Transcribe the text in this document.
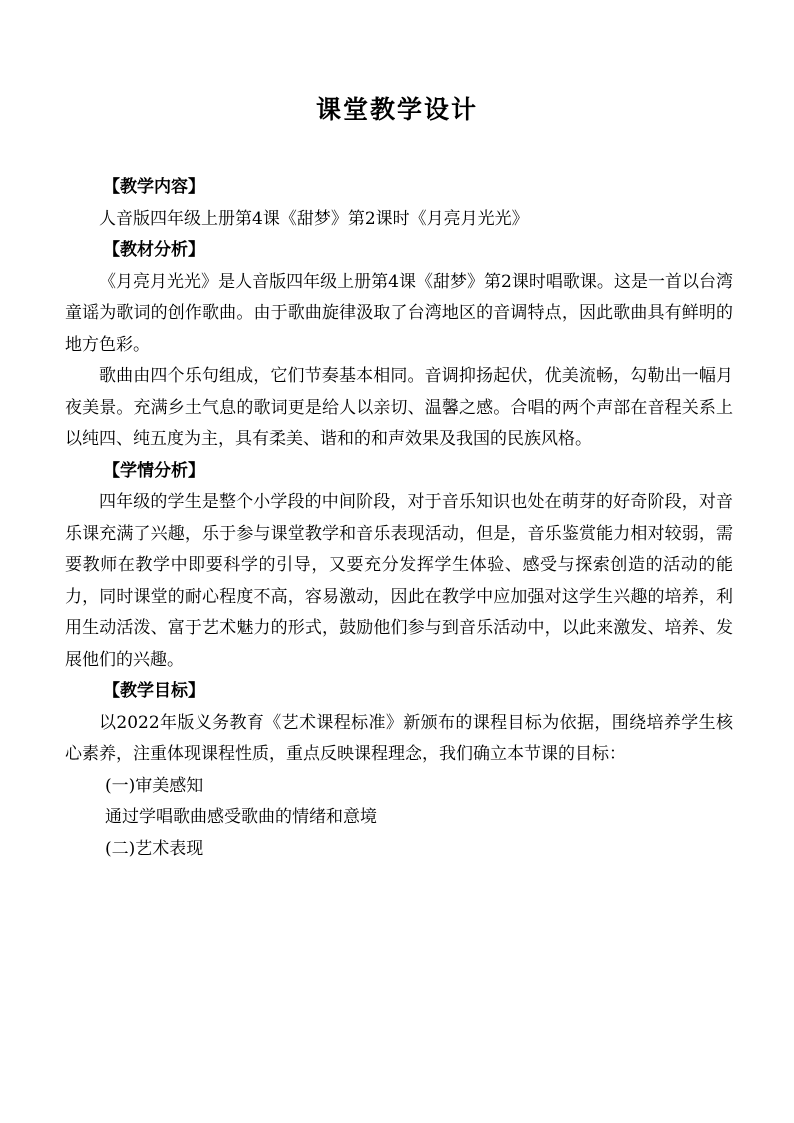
课堂教学设计

【教学内容】

人音版四年级上册第4课《甜梦》第2课时《月亮月光光》

【教材分析】

《月亮月光光》是人音版四年级上册第4课《甜梦》第2课时唱歌课。这是一首以台湾童谣为歌词的创作歌曲。由于歌曲旋律汲取了台湾地区的音调特点，因此歌曲具有鲜明的地方色彩。

歌曲由四个乐句组成，它们节奏基本相同。音调抑扬起伏，优美流畅，勾勒出一幅月夜美景。充满乡土气息的歌词更是给人以亲切、温馨之感。合唱的两个声部在音程关系上以纯四、纯五度为主，具有柔美、谐和的和声效果及我国的民族风格。

【学情分析】

四年级的学生是整个小学段的中间阶段，对于音乐知识也处在萌芽的好奇阶段，对音乐课充满了兴趣，乐于参与课堂教学和音乐表现活动，但是，音乐鉴赏能力相对较弱，需要教师在教学中即要科学的引导，又要充分发挥学生体验、感受与探索创造的活动的能力，同时课堂的耐心程度不高，容易激动，因此在教学中应加强对这学生兴趣的培养，利用生动活泼、富于艺术魅力的形式，鼓励他们参与到音乐活动中，以此来激发、培养、发展他们的兴趣。

【教学目标】

以2022年版义务教育《艺术课程标准》新颁布的课程目标为依据，围绕培养学生核心素养，注重体现课程性质，重点反映课程理念，我们确立本节课的目标：

(一)审美感知

通过学唱歌曲感受歌曲的情绪和意境

(二)艺术表现
